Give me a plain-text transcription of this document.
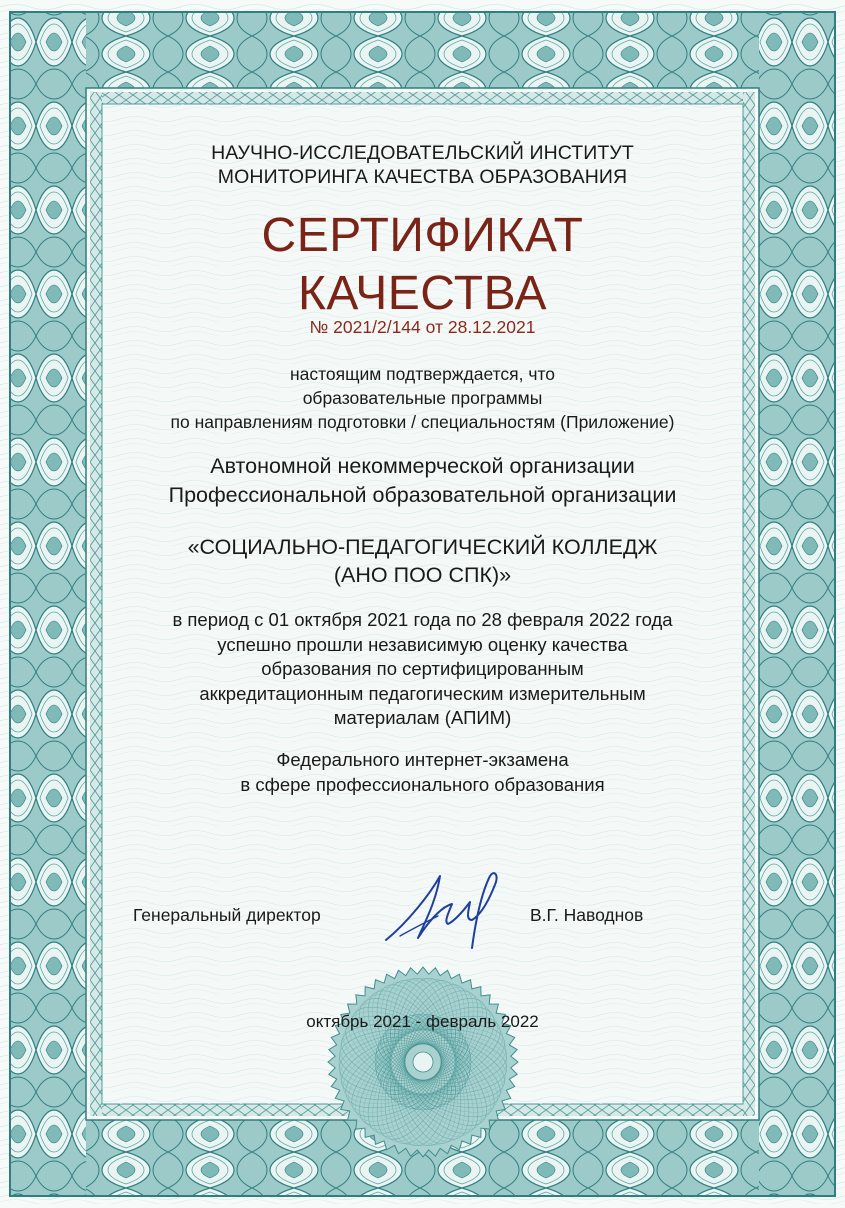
НАУЧНО-ИССЛЕДОВАТЕЛЬСКИЙ ИНСТИТУТ
МОНИТОРИНГА КАЧЕСТВА ОБРАЗОВАНИЯ
СЕРТИФИКАТ
КАЧЕСТВА
№ 2021/2/144 от 28.12.2021
настоящим подтверждается, что
образовательные программы
по направлениям подготовки / специальностям (Приложение)
Автономной некоммерческой организации
Профессиональной образовательной организации
«СОЦИАЛЬНО-ПЕДАГОГИЧЕСКИЙ КОЛЛЕДЖ
(АНО ПОО СПК)»
в период с 01 октября 2021 года по 28 февраля 2022 года
успешно прошли независимую оценку качества
образования по сертифицированным
аккредитационным педагогическим измерительным
материалам (АПИМ)
Федерального интернет-экзамена
в сфере профессионального образования
Генеральный директор	В.Г. Наводнов
октябрь 2021 - февраль 2022
